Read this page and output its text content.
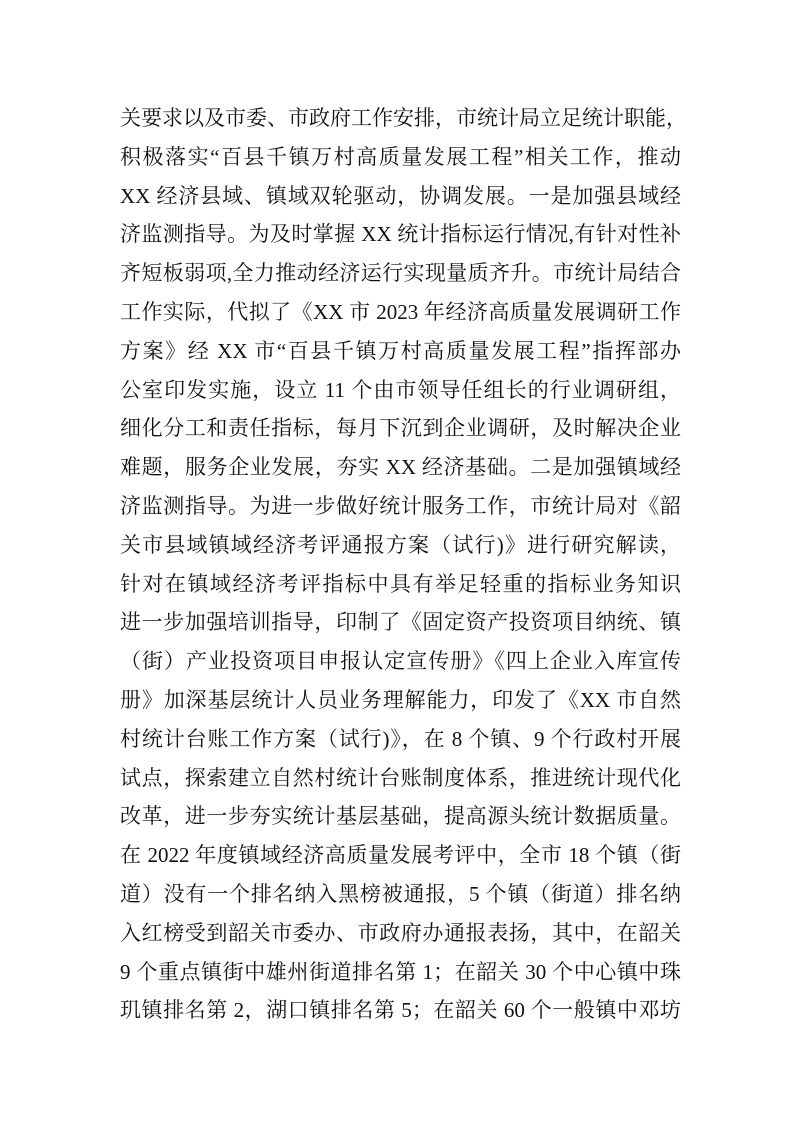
关要求以及市委、市政府工作安排，市统计局立足统计职能，
积极落实“百县千镇万村高质量发展工程”相关工作，推动
XX 经济县域、镇域双轮驱动，协调发展。一是加强县域经
济监测指导。为及时掌握 XX 统计指标运行情况,有针对性补
齐短板弱项,全力推动经济运行实现量质齐升。市统计局结合
工作实际，代拟了《XX 市 2023 年经济高质量发展调研工作
方案》经 XX 市“百县千镇万村高质量发展工程”指挥部办
公室印发实施，设立 11 个由市领导任组长的行业调研组，
细化分工和责任指标，每月下沉到企业调研，及时解决企业
难题，服务企业发展，夯实 XX 经济基础。二是加强镇域经
济监测指导。为进一步做好统计服务工作，市统计局对《韶
关市县域镇域经济考评通报方案（试行)》进行研究解读，
针对在镇域经济考评指标中具有举足轻重的指标业务知识
进一步加强培训指导，印制了《固定资产投资项目纳统、镇
（街）产业投资项目申报认定宣传册》《四上企业入库宣传
册》加深基层统计人员业务理解能力，印发了《XX 市自然
村统计台账工作方案（试行)》，在 8 个镇、9 个行政村开展
试点，探索建立自然村统计台账制度体系，推进统计现代化
改革，进一步夯实统计基层基础，提高源头统计数据质量。
在 2022 年度镇域经济高质量发展考评中，全市 18 个镇（街
道）没有一个排名纳入黑榜被通报，5 个镇（街道）排名纳
入红榜受到韶关市委办、市政府办通报表扬，其中，在韶关
9 个重点镇街中雄州街道排名第 1；在韶关 30 个中心镇中珠
玑镇排名第 2，湖口镇排名第 5；在韶关 60 个一般镇中邓坊
